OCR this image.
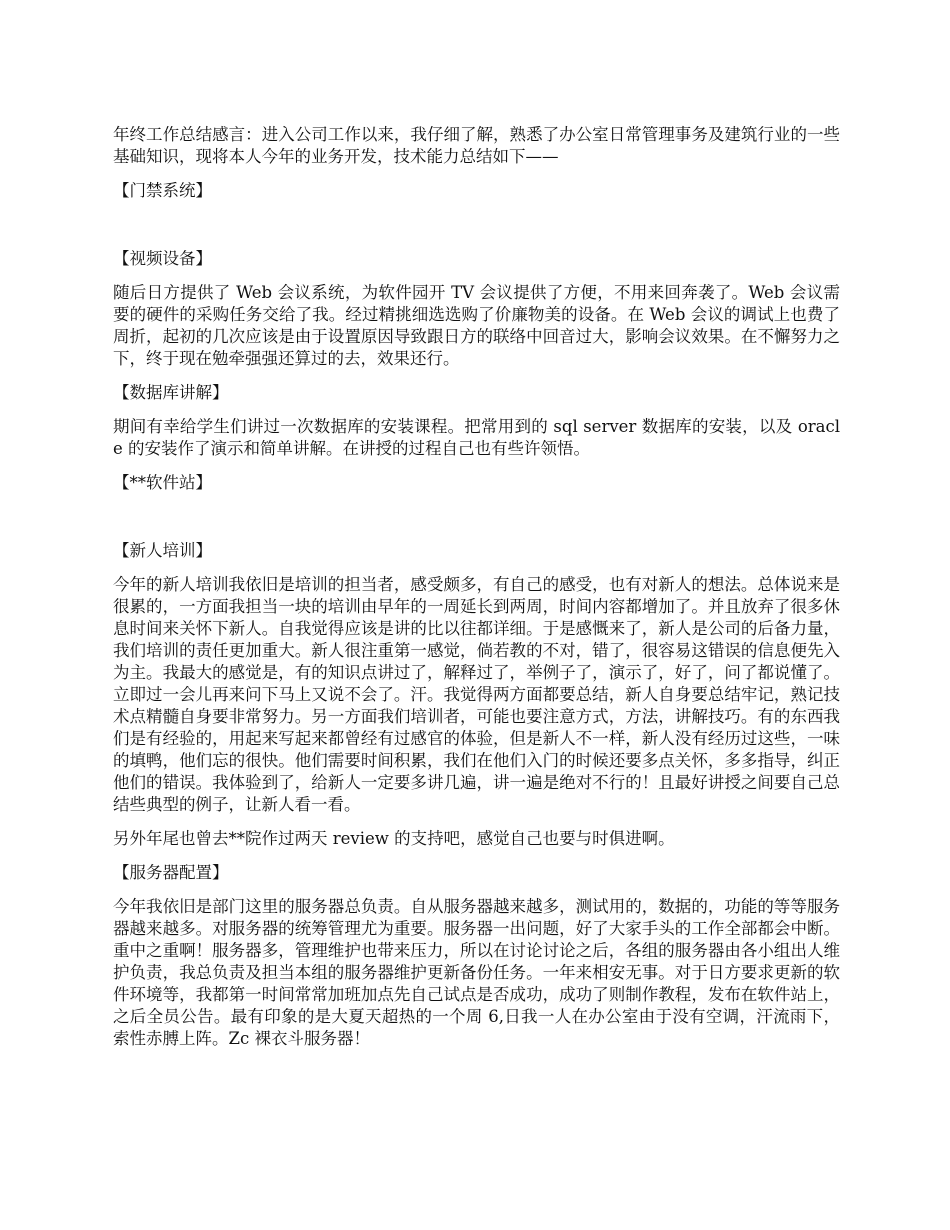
年终工作总结感言：进入公司工作以来，我仔细了解，熟悉了办公室日常管理事务及建筑行业的一些基础知识，现将本人今年的业务开发，技术能力总结如下——

【门禁系统】
【视频设备】

随后日方提供了 Web 会议系统，为软件园开 TV 会议提供了方便，不用来回奔袭了。Web 会议需要的硬件的采购任务交给了我。经过精挑细选选购了价廉物美的设备。在 Web 会议的调试上也费了周折，起初的几次应该是由于设置原因导致跟日方的联络中回音过大，影响会议效果。在不懈努力之下，终于现在勉牵强强还算过的去，效果还行。

【数据库讲解】

期间有幸给学生们讲过一次数据库的安装课程。把常用到的 sql server 数据库的安装，以及 oracle 的安装作了演示和简单讲解。在讲授的过程自己也有些许领悟。

【**软件站】
【新人培训】

今年的新人培训我依旧是培训的担当者，感受颇多，有自己的感受，也有对新人的想法。总体说来是很累的，一方面我担当一块的培训由早年的一周延长到两周，时间内容都增加了。并且放弃了很多休息时间来关怀下新人。自我觉得应该是讲的比以往都详细。于是感慨来了，新人是公司的后备力量，我们培训的责任更加重大。新人很注重第一感觉，倘若教的不对，错了，很容易这错误的信息便先入为主。我最大的感觉是，有的知识点讲过了，解释过了，举例子了，演示了，好了，问了都说懂了。立即过一会儿再来问下马上又说不会了。汗。我觉得两方面都要总结，新人自身要总结牢记，熟记技术点精髓自身要非常努力。另一方面我们培训者，可能也要注意方式，方法，讲解技巧。有的东西我们是有经验的，用起来写起来都曾经有过感官的体验，但是新人不一样，新人没有经历过这些，一味的填鸭，他们忘的很快。他们需要时间积累，我们在他们入门的时候还要多点关怀，多多指导，纠正他们的错误。我体验到了，给新人一定要多讲几遍，讲一遍是绝对不行的！且最好讲授之间要自己总结些典型的例子，让新人看一看。

另外年尾也曾去**院作过两天 review 的支持吧，感觉自己也要与时俱进啊。

【服务器配置】

今年我依旧是部门这里的服务器总负责。自从服务器越来越多，测试用的，数据的，功能的等等服务器越来越多。对服务器的统筹管理尤为重要。服务器一出问题，好了大家手头的工作全部都会中断。重中之重啊！服务器多，管理维护也带来压力，所以在讨论讨论之后，各组的服务器由各小组出人维护负责，我总负责及担当本组的服务器维护更新备份任务。一年来相安无事。对于日方要求更新的软件环境等，我都第一时间常常加班加点先自己试点是否成功，成功了则制作教程，发布在软件站上，之后全员公告。最有印象的是大夏天超热的一个周 6,日我一人在办公室由于没有空调，汗流雨下，索性赤膊上阵。Zc 裸衣斗服务器！
